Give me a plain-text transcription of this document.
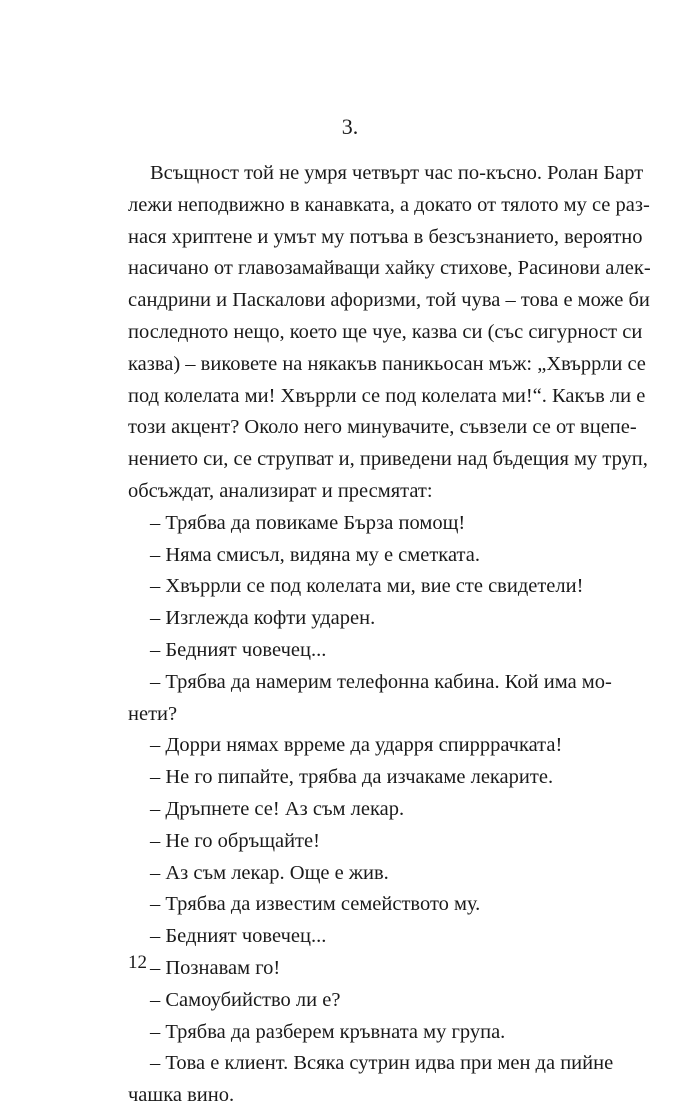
3.
Всъщност той не умря четвърт час по-късно. Ролан Барт
лежи неподвижно в канавката, а докато от тялото му се раз-
нася хриптене и умът му потъва в безсъзнанието, вероятно
насичано от главозамайващи хайку стихове, Расинови алек-
сандрини и Паскалови афоризми, той чува – това е може би
последното нещо, което ще чуе, казва си (със сигурност си
казва) – виковете на някакъв паникьосан мъж: „Хвъррли се
под колелата ми! Хвъррли се под колелата ми!“. Какъв ли е
този акцент? Около него минувачите, съвзели се от вцепе-
нението си, се струпват и, приведени над бъдещия му труп,
обсъждат, анализират и пресмятат:
– Трябва да повикаме Бърза помощ!
– Няма смисъл, видяна му е сметката.
– Хвъррли се под колелата ми, вие сте свидетели!
– Изглежда кофти ударен.
– Бедният човечец...
– Трябва да намерим телефонна кабина. Кой има мо-
нети?
– Дорри нямах врреме да ударря спирррачката!
– Не го пипайте, трябва да изчакаме лекарите.
– Дръпнете се! Аз съм лекар.
– Не го обръщайте!
– Аз съм лекар. Още е жив.
– Трябва да известим семейството му.
– Бедният човечец...
– Познавам го!
– Самоубийство ли е?
– Трябва да разберем кръвната му група.
– Това е клиент. Всяка сутрин идва при мен да пийне
чашка вино.
12
